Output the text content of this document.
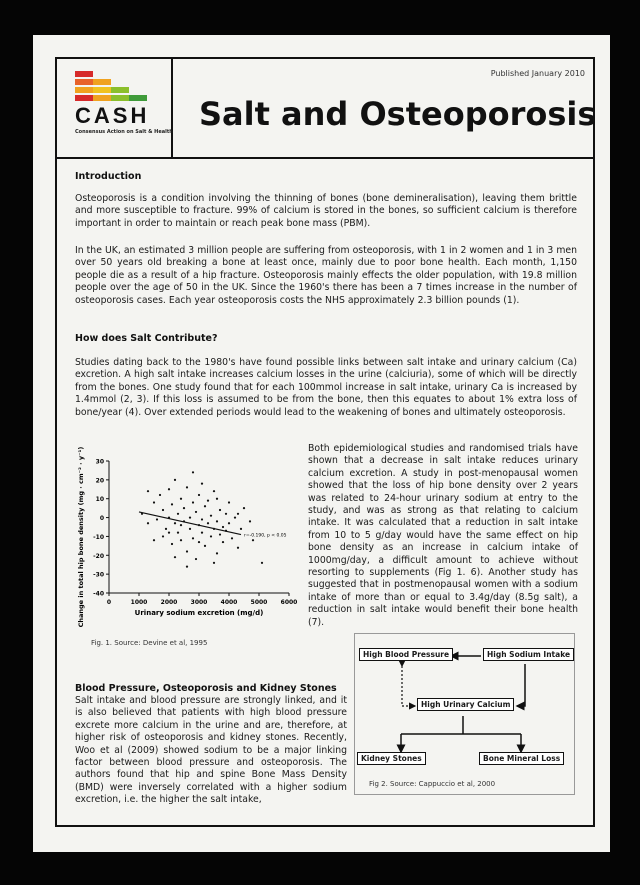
CASH
Consensus Action on Salt & Health
Published January 2010
Salt and Osteoporosis
Introduction

Osteoporosis is a condition involving the thinning of bones (bone demineralisation), leaving them brittle and more susceptible to fracture. 99% of calcium is stored in the bones, so sufficient calcium is therefore important in order to maintain or reach peak bone mass (PBM).

In the UK, an estimated 3 million people are suffering from osteoporosis, with 1 in 2 women and 1 in 3 men over 50 years old breaking a bone at least once, mainly due to poor bone health. Each month, 1,150 people die as a result of a hip fracture. Osteoporosis mainly effects the older population, with 19.8 million people over the age of 50 in the UK. Since the 1960's there has been a 7 times increase in the number of osteoporosis cases. Each year osteoporosis costs the NHS approximately 2.3 billion pounds (1).

How does Salt Contribute?

Studies dating back to the 1980's have found possible links between salt intake and urinary calcium (Ca) excretion. A high salt intake increases calcium losses in the urine (calciuria), some of which will be directly from the bones. One study found that for each 100mmol increase in salt intake, urinary Ca is increased by 1.4mmol (2, 3). If this loss is assumed to be from the bone, then this equates to about 1% extra loss of bone/year (4). Over extended periods would lead to the weakening of bones and ultimately osteoporosis.

30
20
10
0
-10
-20
-30
-40
0	1000 2000 3000 4000 5000 6000
Urinary sodium excretion (mg/d)
Change in total hip bone density (mg · cm⁻² · y⁻¹)	r=-0.190, p < 0.05
Fig. 1. Source: Devine et al, 1995

Both epidemiological studies and randomised trials have shown that a decrease in salt intake reduces urinary calcium excretion. A study in post-menopausal women showed that the loss of hip bone density over 2 years was related to 24-hour urinary sodium at entry to the study, and was as strong as that relating to calcium intake. It was calculated that a reduction in salt intake from 10 to 5 g/day would have the same effect on hip bone density as an increase in calcium intake of 1000mg/day, a difficult amount to achieve without resorting to supplements (Fig 1. 6). Another study has suggested that in postmenopausal women with a sodium intake of more than or equal to 3.4g/day (8.5g salt), a reduction in salt intake would benefit their bone health (7).

Blood Pressure, Osteoporosis and Kidney Stones

Salt intake and blood pressure are strongly linked, and it is also believed that patients with high blood pressure excrete more calcium in the urine and are, therefore, at higher risk of osteoporosis and kidney stones. Recently, Woo et al (2009) showed sodium to be a major linking factor between blood pressure and osteoporosis. The authors found that hip and spine Bone Mass Density (BMD) were inversely correlated with a higher sodium excretion, i.e. the higher the salt intake,

High Blood Pressure	High Sodium Intake
High Urinary Calcium
Kidney Stones	Bone Mineral Loss
Fig 2. Source: Cappuccio et al, 2000
